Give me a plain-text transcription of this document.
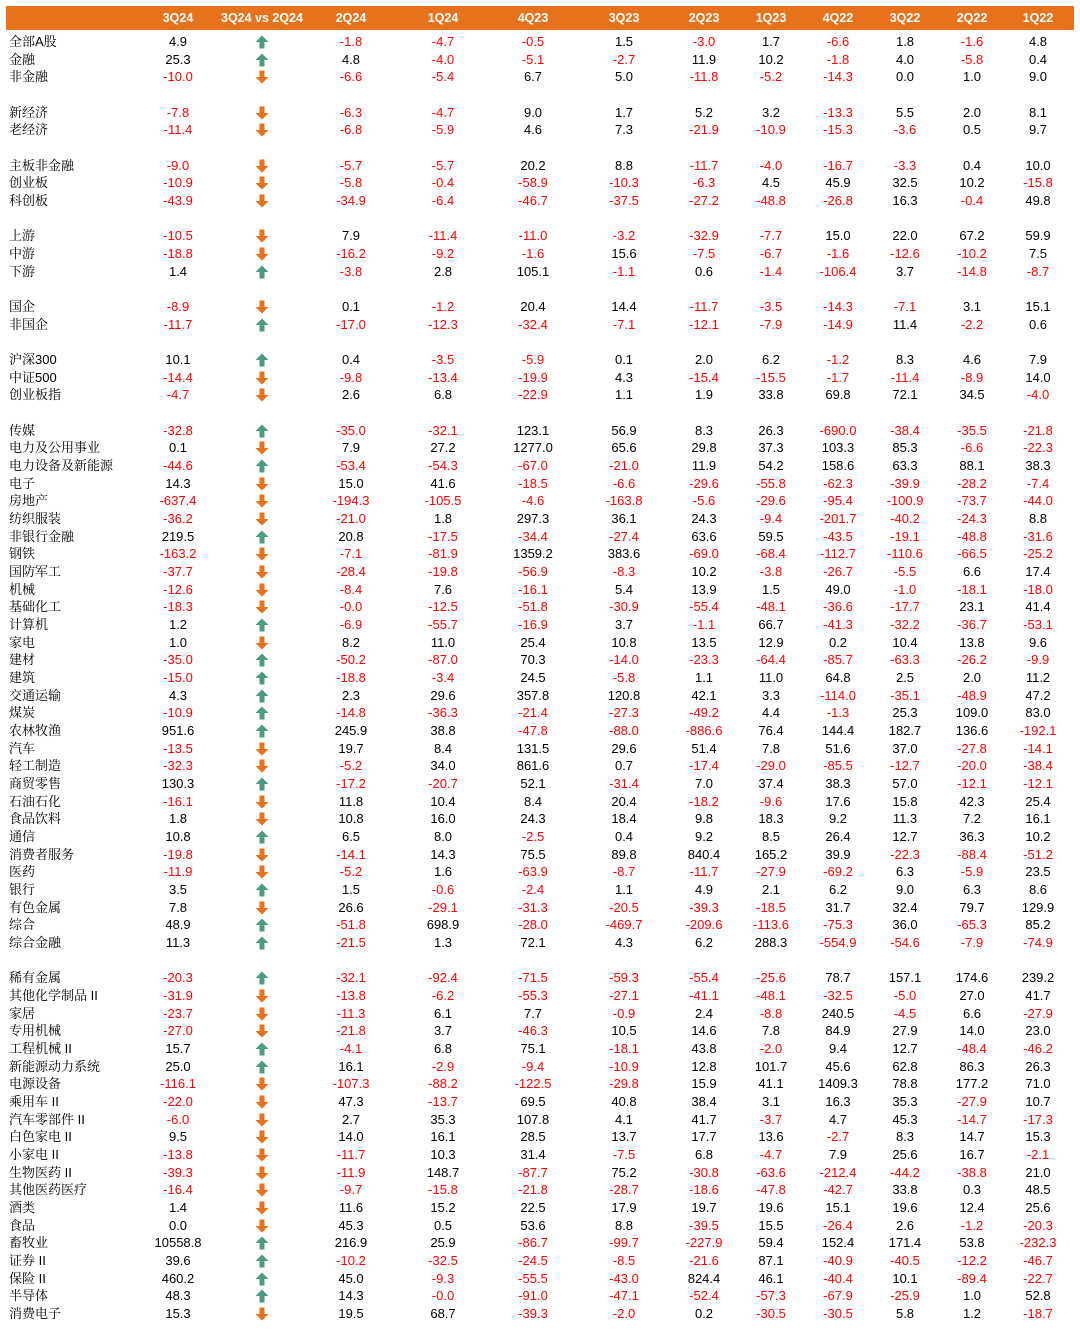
3Q24 3Q24 vs 2Q24	2Q24	1Q24	4Q23	3Q23	2Q23	1Q23	4Q22	3Q22	2Q22	1Q22
全部A股	4.9	-1.8	-4.7	-0.5	1.5	-3.0	1.7	-6.6	1.8	-1.6	4.8
金融	25.3	4.8	-4.0	-5.1	-2.7	11.9	10.2	-1.8	4.0	-5.8	0.4
非金融	-10.0	-6.6	-5.4	6.7	5.0	-11.8	-5.2	-14.3	0.0	1.0	9.0
新经济	-7.8	-6.3	-4.7	9.0	1.7	5.2	3.2	-13.3	5.5	2.0	8.1
老经济	-11.4	-6.8	-5.9	4.6	7.3	-21.9	-10.9	-15.3	-3.6	0.5	9.7
主板非金融	-9.0	-5.7	-5.7	20.2	8.8	-11.7	-4.0	-16.7	-3.3	0.4	10.0
创业板	-10.9	-5.8	-0.4	-58.9	-10.3	-6.3	4.5	45.9	32.5	10.2	-15.8
科创板	-43.9	-34.9	-6.4	-46.7	-37.5	-27.2	-48.8	-26.8	16.3	-0.4	49.8
上游	-10.5	7.9	-11.4	-11.0	-3.2	-32.9	-7.7	15.0	22.0	67.2	59.9
中游	-18.8	-16.2	-9.2	-1.6	15.6	-7.5	-6.7	-1.6	-12.6	-10.2	7.5
下游	1.4	-3.8	2.8	105.1	-1.1	0.6	-1.4	-106.4	3.7	-14.8	-8.7
国企	-8.9	0.1	-1.2	20.4	14.4	-11.7	-3.5	-14.3	-7.1	3.1	15.1
非国企	-11.7	-17.0	-12.3	-32.4	-7.1	-12.1	-7.9	-14.9	11.4	-2.2	0.6
沪深300	10.1	0.4	-3.5	-5.9	0.1	2.0	6.2	-1.2	8.3	4.6	7.9
中证500	-14.4	-9.8	-13.4	-19.9	4.3	-15.4	-15.5	-1.7	-11.4	-8.9	14.0
创业板指	-4.7	2.6	6.8	-22.9	1.1	1.9	33.8	69.8	72.1	34.5	-4.0
传媒	-32.8	-35.0	-32.1	123.1	56.9	8.3	26.3	-690.0	-38.4	-35.5	-21.8
电力及公用事业	0.1	7.9	27.2	1277.0	65.6	29.8	37.3	103.3	85.3	-6.6	-22.3
电力设备及新能源	-44.6	-53.4	-54.3	-67.0	-21.0	11.9	54.2	158.6	63.3	88.1	38.3
电子	14.3	15.0	41.6	-18.5	-6.6	-29.6	-55.8	-62.3	-39.9	-28.2	-7.4
房地产	-637.4	-194.3	-105.5	-4.6	-163.8	-5.6	-29.6	-95.4	-100.9	-73.7	-44.0
纺织服装	-36.2	-21.0	1.8	297.3	36.1	24.3	-9.4	-201.7	-40.2	-24.3	8.8
非银行金融	219.5	20.8	-17.5	-34.4	-27.4	63.6	59.5	-43.5	-19.1	-48.8	-31.6
钢铁	-163.2	-7.1	-81.9	1359.2	383.6	-69.0	-68.4	-112.7 -110.6	-66.5	-25.2
国防军工	-37.7	-28.4	-19.8	-56.9	-8.3	10.2	-3.8	-26.7	-5.5	6.6	17.4
机械	-12.6	-8.4	7.6	-16.1	5.4	13.9	1.5	49.0	-1.0	-18.1	-18.0
基础化工	-18.3	-0.0	-12.5	-51.8	-30.9	-55.4	-48.1	-36.6	-17.7	23.1	41.4
计算机	1.2	-6.9	-55.7	-16.9	3.7	-1.1	66.7	-41.3	-32.2	-36.7	-53.1
家电	1.0	8.2	11.0	25.4	10.8	13.5	12.9	0.2	10.4	13.8	9.6
建材	-35.0	-50.2	-87.0	70.3	-14.0	-23.3	-64.4	-85.7	-63.3	-26.2	-9.9
建筑	-15.0	-18.8	-3.4	24.5	-5.8	1.1	11.0	64.8	2.5	2.0	11.2
交通运输	4.3	2.3	29.6	357.8	120.8	42.1	3.3	-114.0	-35.1	-48.9	47.2
煤炭	-10.9	-14.8	-36.3	-21.4	-27.3	-49.2	4.4	-1.3	25.3	109.0	83.0
农林牧渔	951.6	245.9	38.8	-47.8	-88.0	-886.6	76.4	144.4	182.7	136.6 -192.1
汽车	-13.5	19.7	8.4	131.5	29.6	51.4	7.8	51.6	37.0	-27.8	-14.1
轻工制造	-32.3	-5.2	34.0	861.6	0.7	-17.4	-29.0	-85.5	-12.7	-20.0	-38.4
商贸零售	130.3	-17.2	-20.7	52.1	-31.4	7.0	37.4	38.3	57.0	-12.1	-12.1
石油石化	-16.1	11.8	10.4	8.4	20.4	-18.2	-9.6	17.6	15.8	42.3	25.4
食品饮料	1.8	10.8	16.0	24.3	18.4	9.8	18.3	9.2	11.3	7.2	16.1
通信	10.8	6.5	8.0	-2.5	0.4	9.2	8.5	26.4	12.7	36.3	10.2
消费者服务	-19.8	-14.1	14.3	75.5	89.8	840.4	165.2	39.9	-22.3	-88.4	-51.2
医药	-11.9	-5.2	1.6	-63.9	-8.7	-11.7	-27.9	-69.2	6.3	-5.9	23.5
银行	3.5	1.5	-0.6	-2.4	1.1	4.9	2.1	6.2	9.0	6.3	8.6
有色金属	7.8	26.6	-29.1	-31.3	-20.5	-39.3	-18.5	31.7	32.4	79.7	129.9
综合	48.9	-51.8	698.9	-28.0	-469.7	-209.6 -113.6	-75.3	36.0	-65.3	85.2
综合金融	11.3	-21.5	1.3	72.1	4.3	6.2	288.3 -554.9	-54.6	-7.9	-74.9
稀有金属	-20.3	-32.1	-92.4	-71.5	-59.3	-55.4	-25.6	78.7	157.1	174.6	239.2
其他化学制品 II	-31.9	-13.8	-6.2	-55.3	-27.1	-41.1	-48.1	-32.5	-5.0	27.0	41.7
家居	-23.7	-11.3	6.1	7.7	-0.9	2.4	-8.8	240.5	-4.5	6.6	-27.9
专用机械	-27.0	-21.8	3.7	-46.3	10.5	14.6	7.8	84.9	27.9	14.0	23.0
工程机械 II	15.7	-4.1	6.8	75.1	-18.1	43.8	-2.0	9.4	12.7	-48.4	-46.2
新能源动力系统	25.0	16.1	-2.9	-9.4	-10.9	12.8	101.7	45.6	62.8	86.3	26.3
电源设备	-116.1	-107.3	-88.2	-122.5	-29.8	15.9	41.1	1409.3	78.8	177.2	71.0
乘用车 II	-22.0	47.3	-13.7	69.5	40.8	38.4	3.1	16.3	35.3	-27.9	10.7
汽车零部件 II	-6.0	2.7	35.3	107.8	4.1	41.7	-3.7	4.7	45.3	-14.7	-17.3
白色家电 II	9.5	14.0	16.1	28.5	13.7	17.7	13.6	-2.7	8.3	14.7	15.3
小家电 II	-13.8	-11.7	10.3	31.4	-7.5	6.8	-4.7	7.9	25.6	16.7	-2.1
生物医药 II	-39.3	-11.9	148.7	-87.7	75.2	-30.8	-63.6	-212.4	-44.2	-38.8	21.0
其他医药医疗	-16.4	-9.7	-15.8	-21.8	-28.7	-18.6	-47.8	-42.7	33.8	0.3	48.5
酒类	1.4	11.6	15.2	22.5	17.9	19.7	19.6	15.1	19.6	12.4	25.6
食品	0.0	45.3	0.5	53.6	8.8	-39.5	15.5	-26.4	2.6	-1.2	-20.3
畜牧业	10558.8	216.9	25.9	-86.7	-99.7	-227.9	59.4	152.4	171.4	53.8	-232.3
证券 II	39.6	-10.2	-32.5	-24.5	-8.5	-21.6	87.1	-40.9	-40.5	-12.2	-46.7
保险 II	460.2	45.0	-9.3	-55.5	-43.0	824.4	46.1	-40.4	10.1	-89.4	-22.7
半导体	48.3	14.3	-0.0	-91.0	-47.1	-52.4	-57.3	-67.9	-25.9	1.0	52.8
消费电子	15.3	19.5	68.7	-39.3	-2.0	0.2	-30.5	-30.5	5.8	1.2	-18.7
